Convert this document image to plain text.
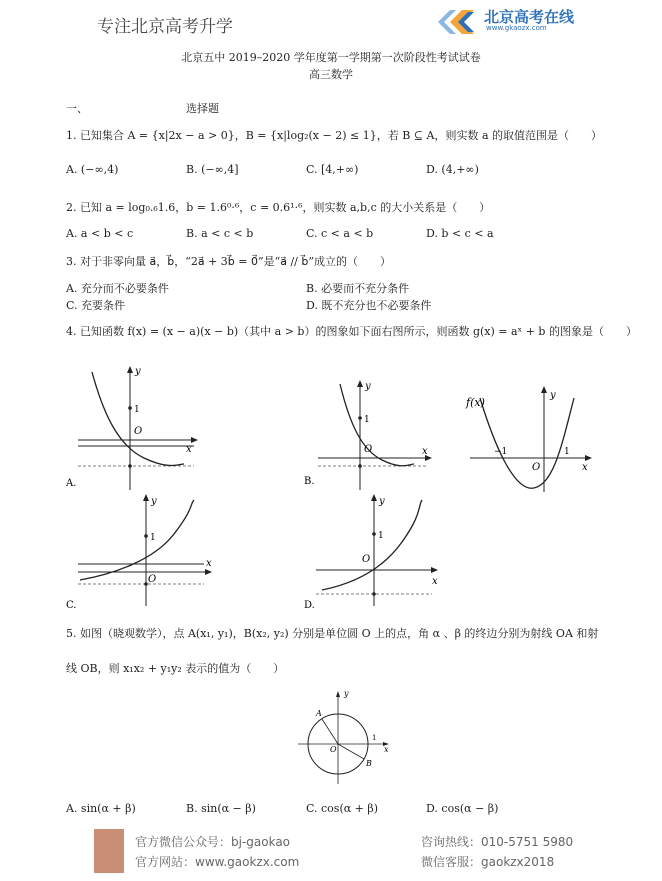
专注北京高考升学	北京高考在线
www.gkaozx.com
北京五中 2019–2020 学年度第一学期第一次阶段性考试试卷
高三数学
一、	选择题
1. 已知集合 A = {x|2x − a > 0}，B = {x|log₂(x − 2) ≤ 1}，若 B ⊆ A，则实数 a 的取值范围是（　　）
A. (−∞,4)	B. (−∞,4]	C. [4,+∞)	D. (4,+∞)
2. 已知 a = log₀.₆1.6，b = 1.6⁰·⁶，c = 0.6¹·⁶，则实数 a,b,c 的大小关系是（　　）
A. a < b < c	B. a < c < b	C. c < a < b	D. b < c < a
3. 对于非零向量 a⃗，b⃗，“2a⃗ + 3b⃗ = 0⃗”是“a⃗ // b⃗”成立的（　　）
A. 充分而不必要条件	B. 必要而不充分条件
C. 充要条件	D. 既不充分也不必要条件
4. 已知函数 f(x) = (x − a)(x − b)（其中 a > b）的图象如下面右图所示，则函数 g(x) = aˣ + b 的图象是（　　）
y
1
O
x
A.
y
1
O	x
B.
f(x)
y
−1	1
O	x
y
1
O
x
C.
y
1
O
x
D.
5. 如图（晓观数学），点 A(x₁, y₁)，B(x₂, y₂) 分别是单位圆 O 上的点，角 α 、β 的终边分别为射线 OA 和射
线 OB，则 x₁x₂ + y₁y₂ 表示的值为（　　）
y
A
O
1
x
B
A. sin(α + β)	B. sin(α − β)	C. cos(α + β)	D. cos(α − β)
官方微信公众号：bj-gaokao
官方网站：www.gaokzx.com
咨询热线：010-5751 5980
微信客服：gaokzx2018
